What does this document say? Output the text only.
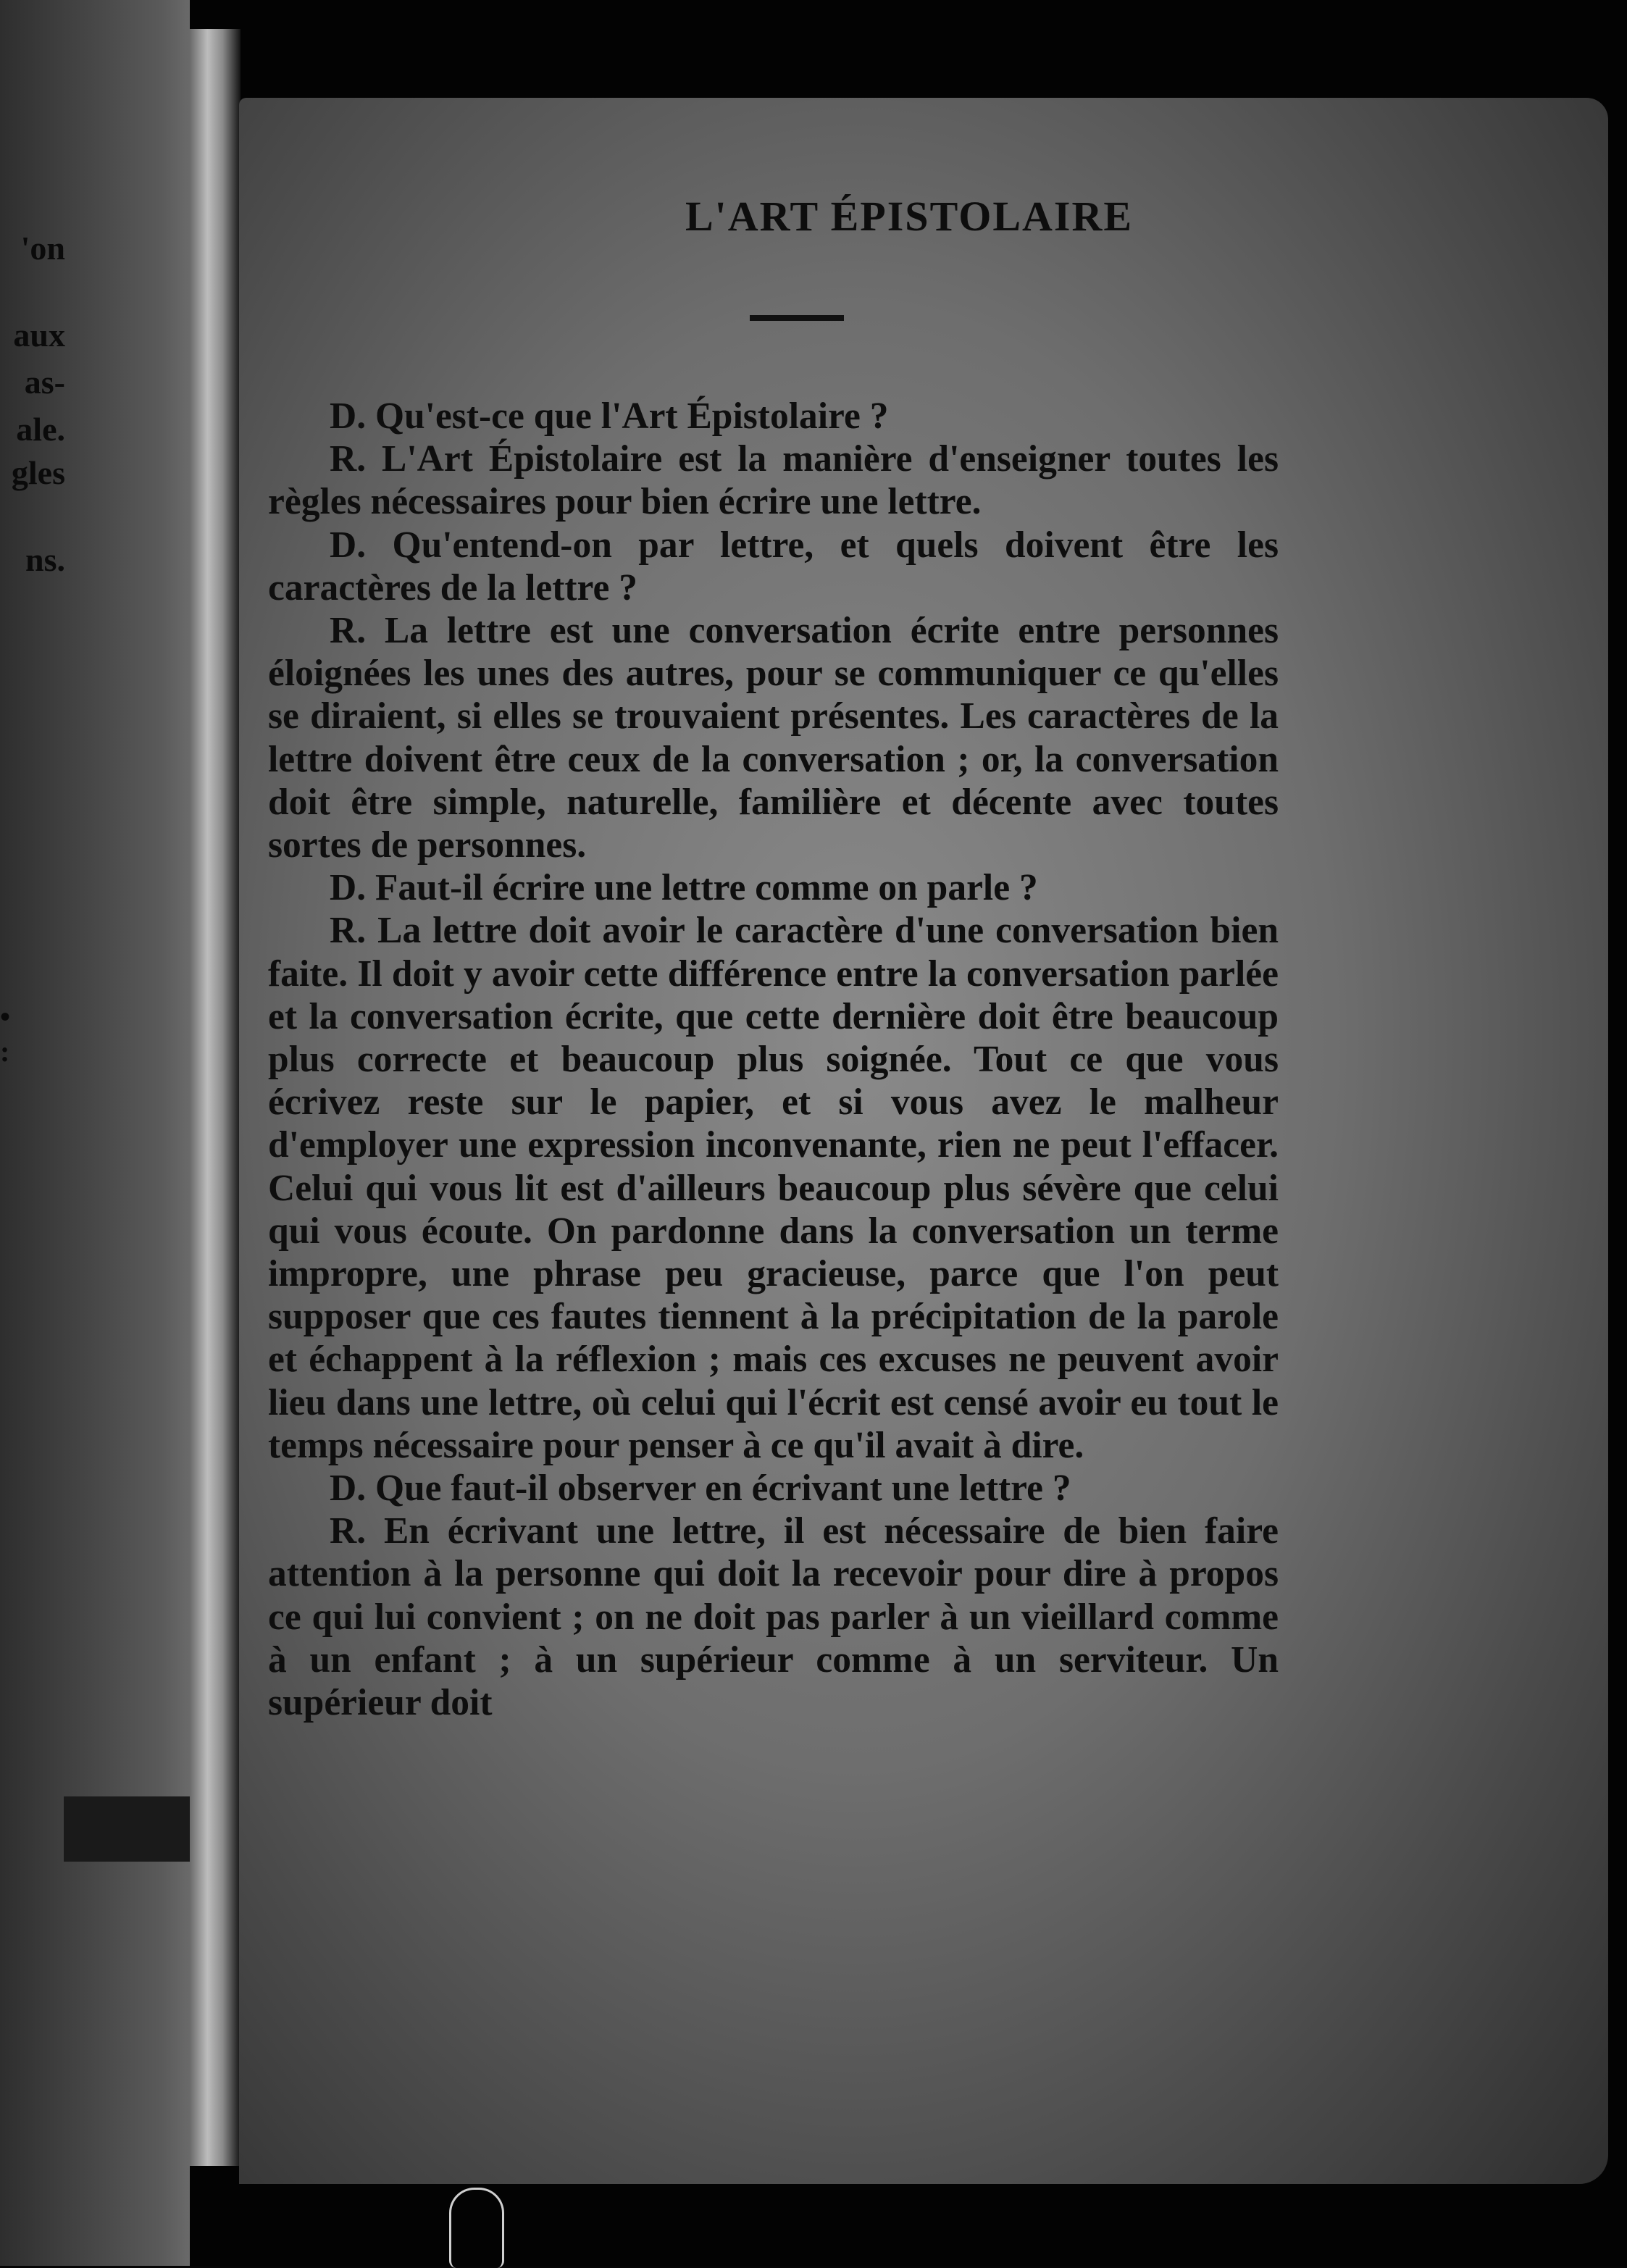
'on
aux
as-
ale.
gles
ns.
•
:
L'ART ÉPISTOLAIRE

D. Qu'est-ce que l'Art Épistolaire ?

R. L'Art Épistolaire est la manière d'enseigner toutes les règles nécessaires pour bien écrire une lettre.

D. Qu'entend-on par lettre, et quels doivent être les caractères de la lettre ?

R. La lettre est une conversation écrite entre personnes éloignées les unes des autres, pour se communiquer ce qu'elles se diraient, si elles se trouvaient présentes. Les caractères de la lettre doivent être ceux de la conversation ; or, la conversation doit être simple, naturelle, familière et décente avec toutes sortes de personnes.

D. Faut-il écrire une lettre comme on parle ?

R. La lettre doit avoir le caractère d'une conversation bien faite. Il doit y avoir cette différence entre la conversation parlée et la conversation écrite, que cette dernière doit être beaucoup plus correcte et beaucoup plus soignée. Tout ce que vous écrivez reste sur le papier, et si vous avez le malheur d'employer une expression inconvenante, rien ne peut l'effacer. Celui qui vous lit est d'ailleurs beaucoup plus sévère que celui qui vous écoute. On pardonne dans la conversation un terme impropre, une phrase peu gracieuse, parce que l'on peut supposer que ces fautes tiennent à la précipitation de la parole et échappent à la réflexion ; mais ces excuses ne peuvent avoir lieu dans une lettre, où celui qui l'écrit est censé avoir eu tout le temps nécessaire pour penser à ce qu'il avait à dire.

D. Que faut-il observer en écrivant une lettre ?

R. En écrivant une lettre, il est nécessaire de bien faire attention à la personne qui doit la recevoir pour dire à propos ce qui lui convient ; on ne doit pas parler à un vieillard comme à un enfant ; à un supérieur comme à un serviteur. Un supérieur doit
